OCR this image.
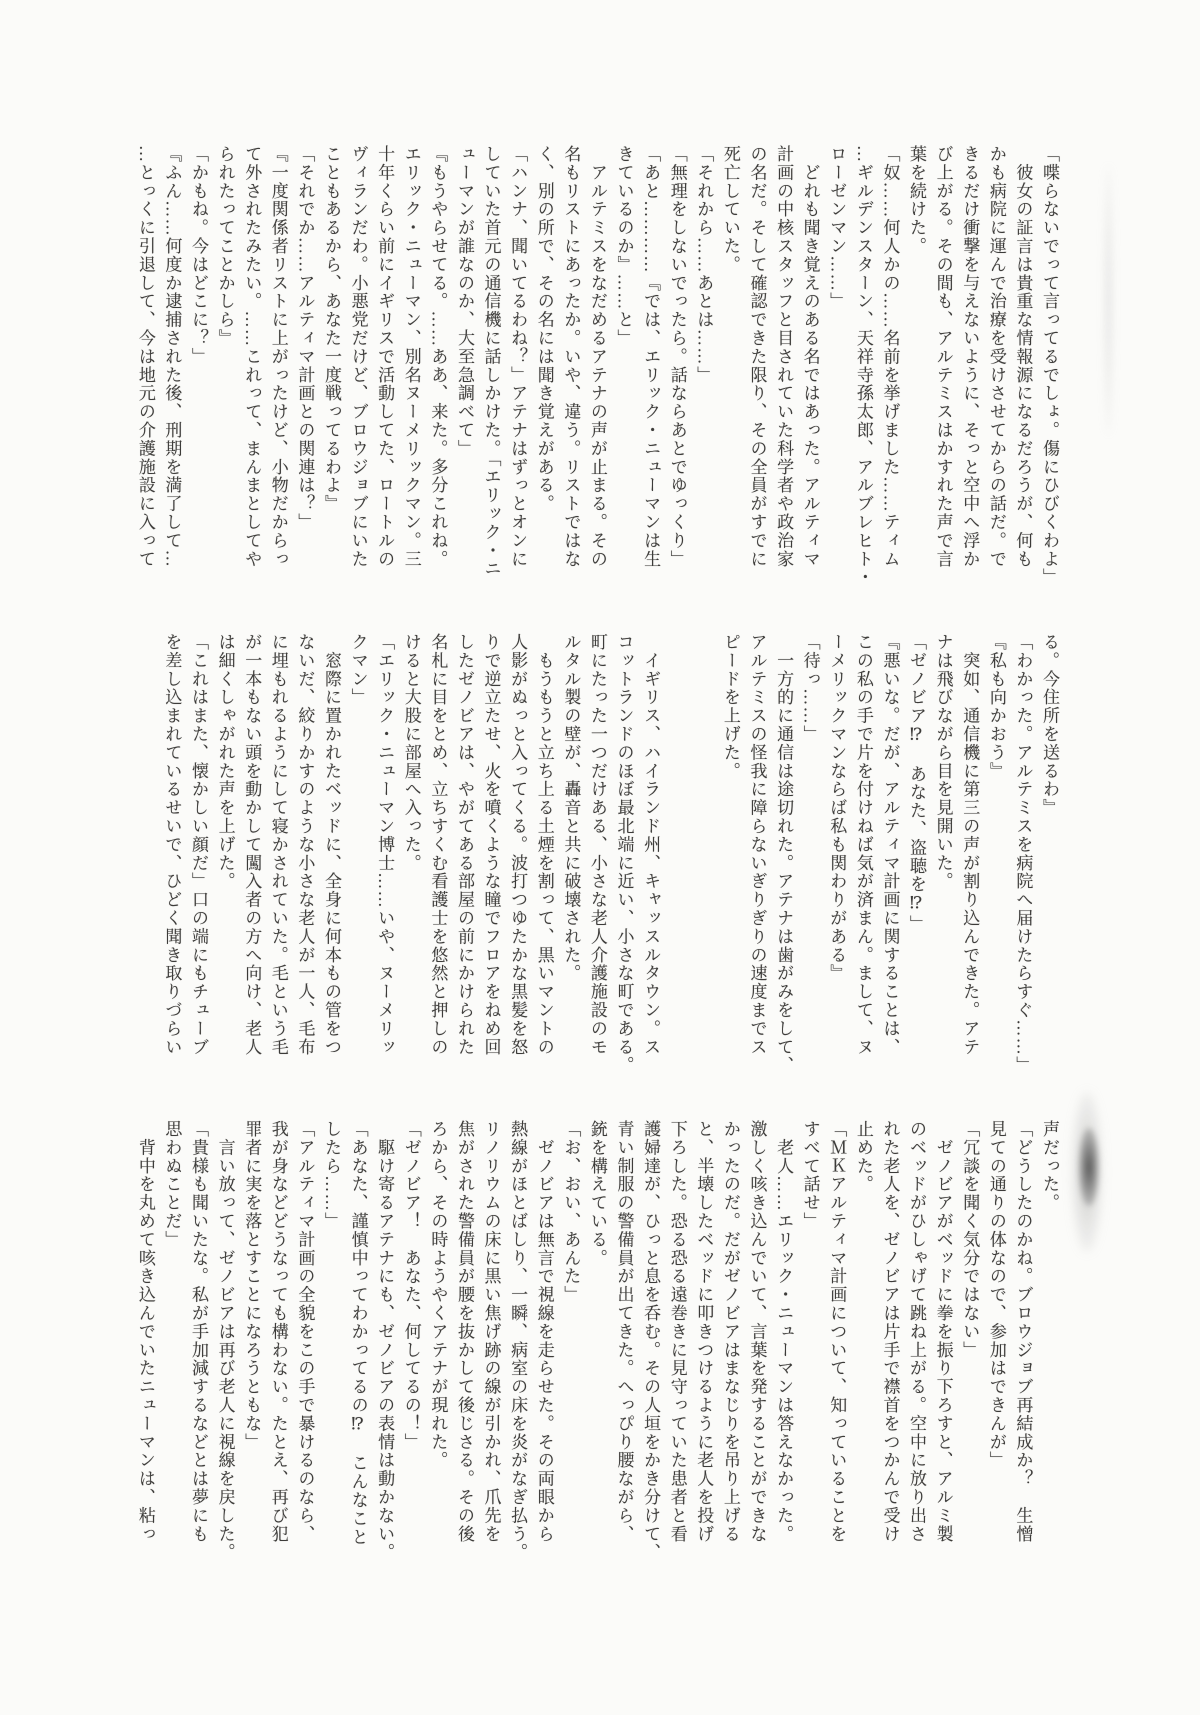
「喋らないでって言ってるでしょ。傷にひびくわよ」
　彼女の証言は貴重な情報源になるだろうが、何も
かも病院に運んで治療を受けさせてからの話だ。で
きるだけ衝撃を与えないように、そっと空中へ浮か
び上がる。その間も、アルテミスはかすれた声で言
葉を続けた。
「奴……何人かの……名前を挙げました……ティム
…ギルデンスターン、天祥寺孫太郎、アルブレヒト・
ローゼンマン……」
　どれも聞き覚えのある名ではあった。アルティマ
計画の中核スタッフと目されていた科学者や政治家
の名だ。そして確認できた限り、その全員がすでに
死亡していた。
「それから……あとは……」
「無理をしないでったら。話ならあとでゆっくり」
「あと…………『では、エリック・ニューマンは生
きているのか』……と」
　アルテミスをなだめるアテナの声が止まる。その
名もリストにあったか。いや、違う。リストではな
く、別の所で、その名には聞き覚えがある。
「ハンナ、聞いてるわね？」アテナはずっとオンに
していた首元の通信機に話しかけた。「エリック・ニ
ューマンが誰なのか、大至急調べて」
『もうやらせてる。……ああ、来た。多分これね。
エリック・ニューマン、別名ヌーメリックマン。三
十年くらい前にイギリスで活動してた、ロートルの
ヴィランだわ。小悪党だけど、ブロウジョブにいた
こともあるから、あなた一度戦ってるわよ』
「それでか……アルティマ計画との関連は？」
『一度関係者リストに上がったけど、小物だからっ
て外されたみたい。……これって、まんまとしてや
られたってことかしら』
「かもね。今はどこに？」
『ふん……何度か逮捕された後、刑期を満了して…
…とっくに引退して、今は地元の介護施設に入って
る。今住所を送るわ』
「わかった。アルテミスを病院へ届けたらすぐ……」
『私も向かおう』
　突如、通信機に第三の声が割り込んできた。アテ
ナは飛びながら目を見開いた。
「ゼノビア⁉　あなた、盗聴を⁉」
『悪いな。だが、アルティマ計画に関することは、
この私の手で片を付けねば気が済まん。まして、ヌ
ーメリックマンならば私も関わりがある』
「待っ……」
　一方的に通信は途切れた。アテナは歯がみをして、
アルテミスの怪我に障らないぎりぎりの速度までス
ピードを上げた。

　イギリス、ハイランド州、キャッスルタウン。ス
コットランドのほぼ最北端に近い、小さな町である。
町にたった一つだけある、小さな老人介護施設のモ
ルタル製の壁が、轟音と共に破壊された。
　もうもうと立ち上る土煙を割って、黒いマントの
人影がぬっと入ってくる。波打つゆたかな黒髪を怒
りで逆立たせ、火を噴くような瞳でフロアをねめ回
したゼノビアは、やがてある部屋の前にかけられた
名札に目をとめ、立ちすくむ看護士を悠然と押しの
けると大股に部屋へ入った。
「エリック・ニューマン博士……いや、ヌーメリッ
クマン」
　窓際に置かれたベッドに、全身に何本もの管をつ
ないだ、絞りかすのような小さな老人が一人、毛布
に埋もれるようにして寝かされていた。毛という毛
が一本もない頭を動かして闖入者の方へ向け、老人
は細くしゃがれた声を上げた。
「これはまた、懐かしい顔だ」口の端にもチューブ
を差し込まれているせいで、ひどく聞き取りづらい
声だった。
「どうしたのかね。ブロウジョブ再結成か？　生憎
見ての通りの体なので、参加はできんが」
「冗談を聞く気分ではない」
　ゼノビアがベッドに拳を振り下ろすと、アルミ製
のベッドがひしゃげて跳ね上がる。空中に放り出さ
れた老人を、ゼノビアは片手で襟首をつかんで受け
止めた。
「ＭＫアルティマ計画について、知っていることを
すべて話せ」
　老人……エリック・ニューマンは答えなかった。
激しく咳き込んでいて、言葉を発することができな
かったのだ。だがゼノビアはまなじりを吊り上げる
と、半壊したベッドに叩きつけるように老人を投げ
下ろした。恐る恐る遠巻きに見守っていた患者と看
護婦達が、ひっと息を呑む。その人垣をかき分けて、
青い制服の警備員が出てきた。へっぴり腰ながら、
銃を構えている。
「お、おい、あんた」
　ゼノビアは無言で視線を走らせた。その両眼から
熱線がほとばしり、一瞬、病室の床を炎がなぎ払う。
リノリウムの床に黒い焦げ跡の線が引かれ、爪先を
焦がされた警備員が腰を抜かして後じさる。その後
ろから、その時ようやくアテナが現れた。
「ゼノビア！　あなた、何してるの！」
　駆け寄るアテナにも、ゼノビアの表情は動かない。
「あなた、謹慎中ってわかってるの⁉　こんなこと
したら……」
「アルティマ計画の全貌をこの手で暴けるのなら、
我が身などどうなっても構わない。たとえ、再び犯
罪者に実を落とすことになろうともな」
　言い放って、ゼノビアは再び老人に視線を戻した。
「貴様も聞いたな。私が手加減するなどとは夢にも
思わぬことだ」
　背中を丸めて咳き込んでいたニューマンは、粘っ
